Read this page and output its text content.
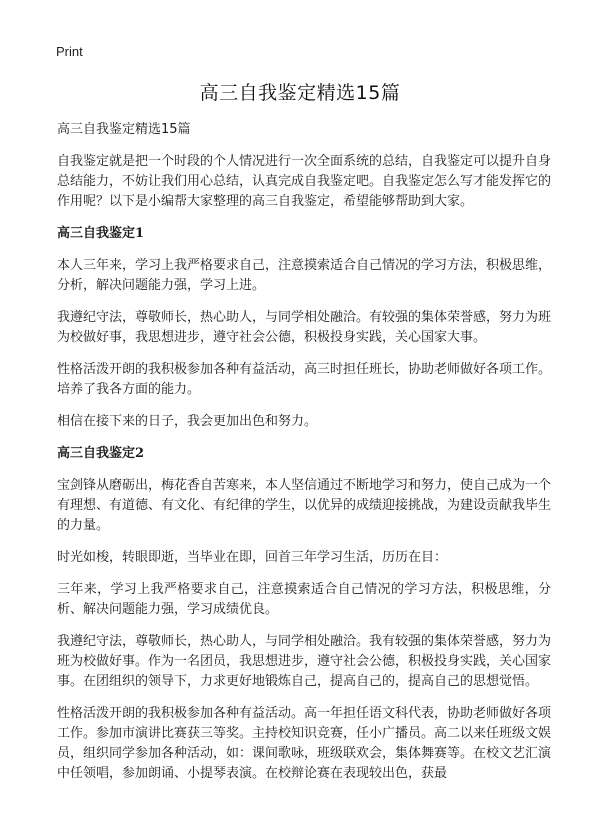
Print
高三自我鉴定精选15篇

高三自我鉴定精选15篇

自我鉴定就是把一个时段的个人情况进行一次全面系统的总结，自我鉴定可以提升自身总结能力，不妨让我们用心总结，认真完成自我鉴定吧。自我鉴定怎么写才能发挥它的作用呢？以下是小编帮大家整理的高三自我鉴定，希望能够帮助到大家。

高三自我鉴定1

本人三年来，学习上我严格要求自己，注意摸索适合自己情况的学习方法，积极思维，分析，解决问题能力强，学习上进。

我遵纪守法，尊敬师长，热心助人，与同学相处融洽。有较强的集体荣誉感，努力为班为校做好事，我思想进步，遵守社会公德，积极投身实践，关心国家大事。

性格活泼开朗的我积极参加各种有益活动，高三时担任班长，协助老师做好各项工作。培养了我各方面的能力。

相信在接下来的日子，我会更加出色和努力。

高三自我鉴定2

宝剑锋从磨砺出，梅花香自苦寒来，本人坚信通过不断地学习和努力，使自己成为一个有理想、有道德、有文化、有纪律的学生，以优异的成绩迎接挑战，为建设贡献我毕生的力量。

时光如梭，转眼即逝，当毕业在即，回首三年学习生活，历历在目：

三年来，学习上我严格要求自己，注意摸索适合自己情况的学习方法，积极思维，分析、解决问题能力强，学习成绩优良。

我遵纪守法，尊敬师长，热心助人，与同学相处融洽。我有较强的集体荣誉感，努力为班为校做好事。作为一名团员，我思想进步，遵守社会公德，积极投身实践，关心国家事。在团组织的领导下，力求更好地锻炼自己，提高自己的，提高自己的思想觉悟。

性格活泼开朗的我积极参加各种有益活动。高一年担任语文科代表，协助老师做好各项工作。参加市演讲比赛获三等奖。主持校知识竞赛，任小广播员。高二以来任班级文娱员，组织同学参加各种活动，如：课间歌咏，班级联欢会，集体舞赛等。在校文艺汇演中任领唱，参加朗诵、小提琴表演。在校辩论赛在表现较出色，获最
